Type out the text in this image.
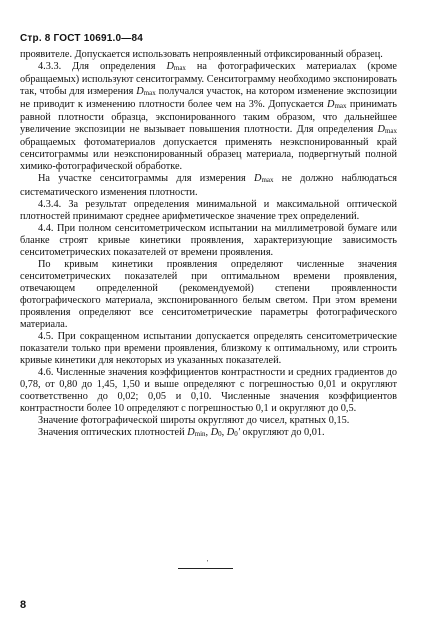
Стр. 8 ГОСТ 10691.0—84

проявителе. Допускается использовать непроявленный отфиксированный образец.

4.3.3. Для определения Dmax на фотографических материалах (кроме обращаемых) используют сенситограмму. Сенситограмму необходимо экспонировать так, чтобы для измерения Dmax получался участок, на котором изменение экспозиции не приводит к изменению плотности более чем на 3%. Допускается Dmax принимать равной плотности образца, экспонированного таким образом, что дальнейшее увеличение экспозиции не вызывает повышения плотности. Для определения Dmax обращаемых фотоматериалов допускается применять неэкспонированный край сенситограммы или неэкспонированный образец материала, подвергнутый полной химико-фотографической обработке.

На участке сенситограммы для измерения Dmax не должно наблюдаться систематического изменения плотности.

4.3.4. За результат определения минимальной и максимальной оптической плотностей принимают среднее арифметическое значение трех определений.

4.4. При полном сенситометрическом испытании на миллиметровой бумаге или бланке строят кривые кинетики проявления, характеризующие зависимость сенситометрических показателей от времени проявления.

По кривым кинетики проявления определяют численные значения сенситометрических показателей при оптимальном времени проявления, отвечающем определенной (рекомендуемой) степени проявленности фотографического материала, экспонированного белым светом. При этом времени проявления определяют все сенситометрические параметры фотографического материала.

4.5. При сокращенном испытании допускается определять сенситометрические показатели только при времени проявления, близкому к оптимальному, или строить кривые кинетики для некоторых из указанных показателей.

4.6. Численные значения коэффициентов контрастности и средних градиентов до 0,78, от 0,80 до 1,45, 1,50 и выше определяют с погрешностью 0,01 и округляют соответственно до 0,02; 0,05 и 0,10. Численные значения коэффициентов контрастности более 10 определяют с погрешностью 0,1 и округляют до 0,5.

Значение фотографической широты округляют до чисел, кратных 0,15.

Значения оптических плотностей Dmin, D0, D0′ округляют до 0,01.

'
8
